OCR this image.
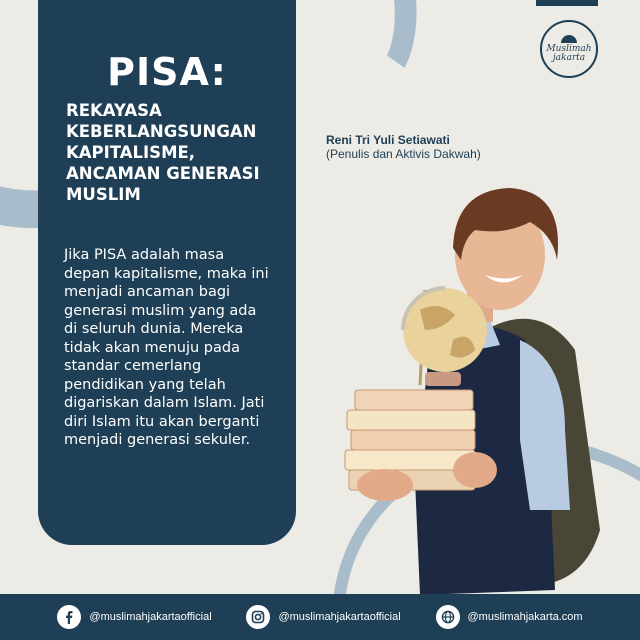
PISA:
REKAYASA KEBERLANGSUNGAN KAPITALISME, ANCAMAN GENERASI MUSLIM
Jika PISA adalah masa depan kapitalisme, maka ini menjadi ancaman bagi generasi muslim yang ada di seluruh dunia. Mereka tidak akan menuju pada standar cemerlang pendidikan yang telah digariskan dalam Islam. Jati diri Islam itu akan berganti menjadi generasi sekuler.
Reni Tri Yuli Setiawati
(Penulis dan Aktivis Dakwah)
Muslimah
jakarta
@muslimahjakartaofficial	@muslimahjakartaofficial	@muslimahjakarta.com
